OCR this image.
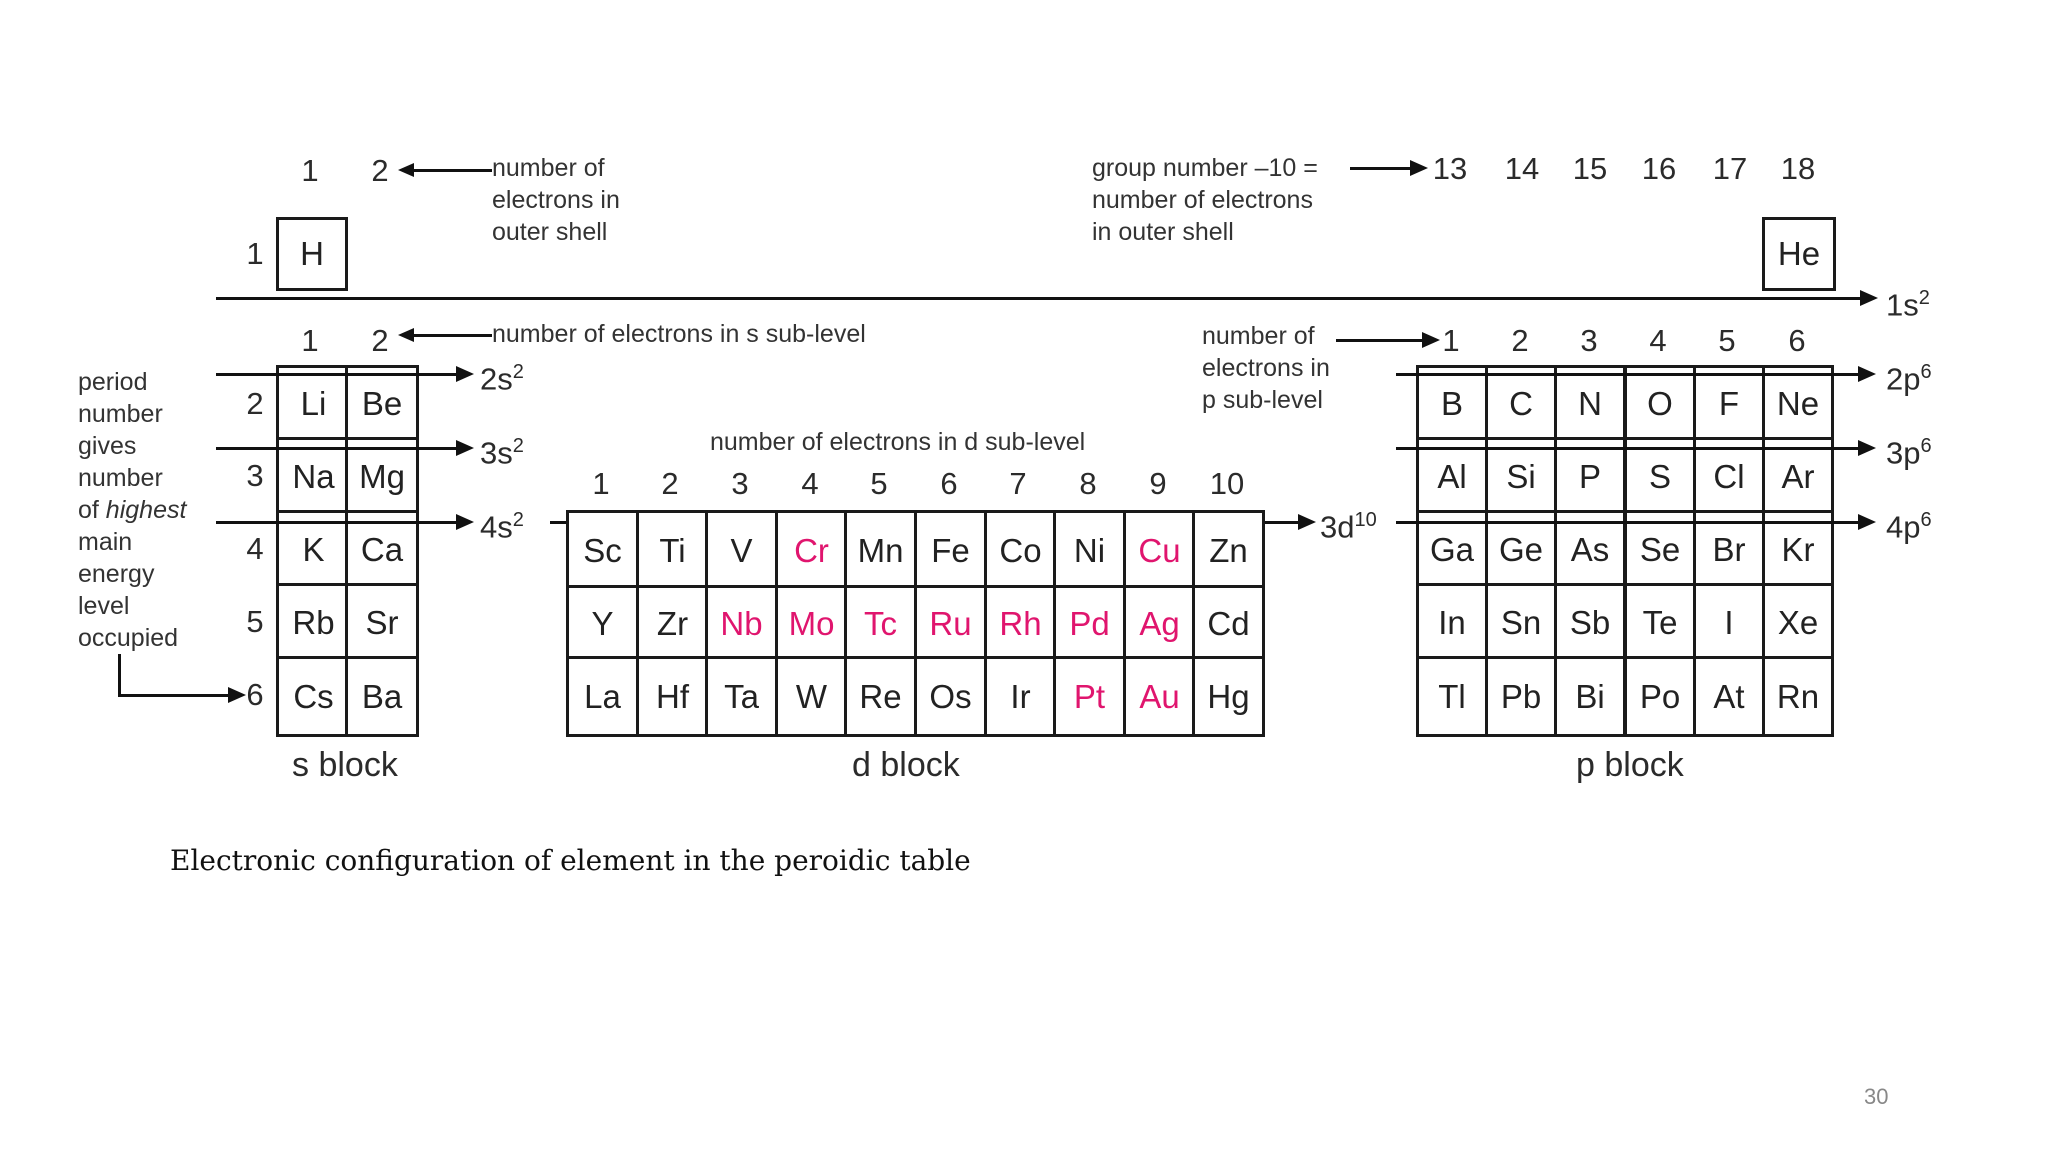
1	2	number of
electrons in
outer shell
group number –10 =
number of electrons
in outer shell
13 14 15 16 17 18
1	H	He
$1s^2$
1	2	number of electrons in s sub-level
period
number
gives
number
of highest
main
energy
level
occupied
2
3
4
5
6
Li	Be
Na Mg
K	Ca
Rb Sr
Cs Ba
$2s^2$
$3s^2$
$4s^2$
s block
number of electrons in d sub-level
1	2	3	4	5	6	7	8	9	10
$3d^{10}$
Sc	Ti	V	Cr Mn Fe Co Ni	Cu Zn
Y	Zr Nb Mo Tc Ru Rh Pd Ag Cd
La	Hf	Ta	W Re Os	Ir	Pt	Au Hg
d block
number of
electrons in
p sub-level
1	2	3	4	5	6
B	C	N	O	F	Ne
Al	Si	P	S	Cl	Ar
Ga Ge As Se Br	Kr
In	Sn Sb Te	I	Xe
Tl	Pb	Bi	Po	At Rn
$2p^6$
$3p^6$
$4p^6$
p block
Electronic configuration of element in the peroidic table
30
